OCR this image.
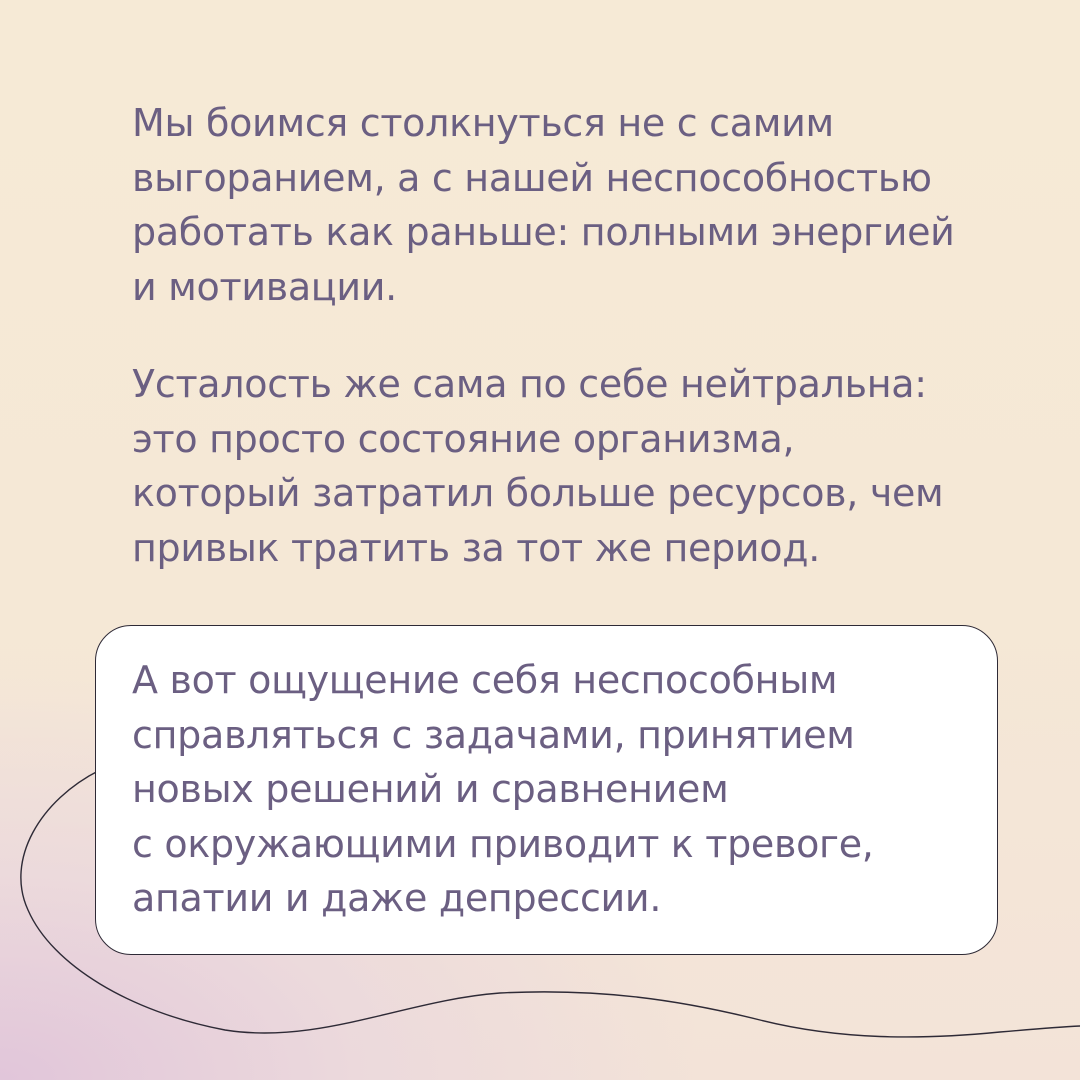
Мы боимся столкнуться не с самим

выгоранием, а с нашей неспособностью

работать как раньше: полными энергией

и мотивации.

Усталость же сама по себе нейтральна:

это просто состояние организма,

который затратил больше ресурсов, чем

привык тратить за тот же период.

А вот ощущение себя неспособным

справляться с задачами, принятием

новых решений и сравнением

с окружающими приводит к тревоге,

апатии и даже депрессии.
